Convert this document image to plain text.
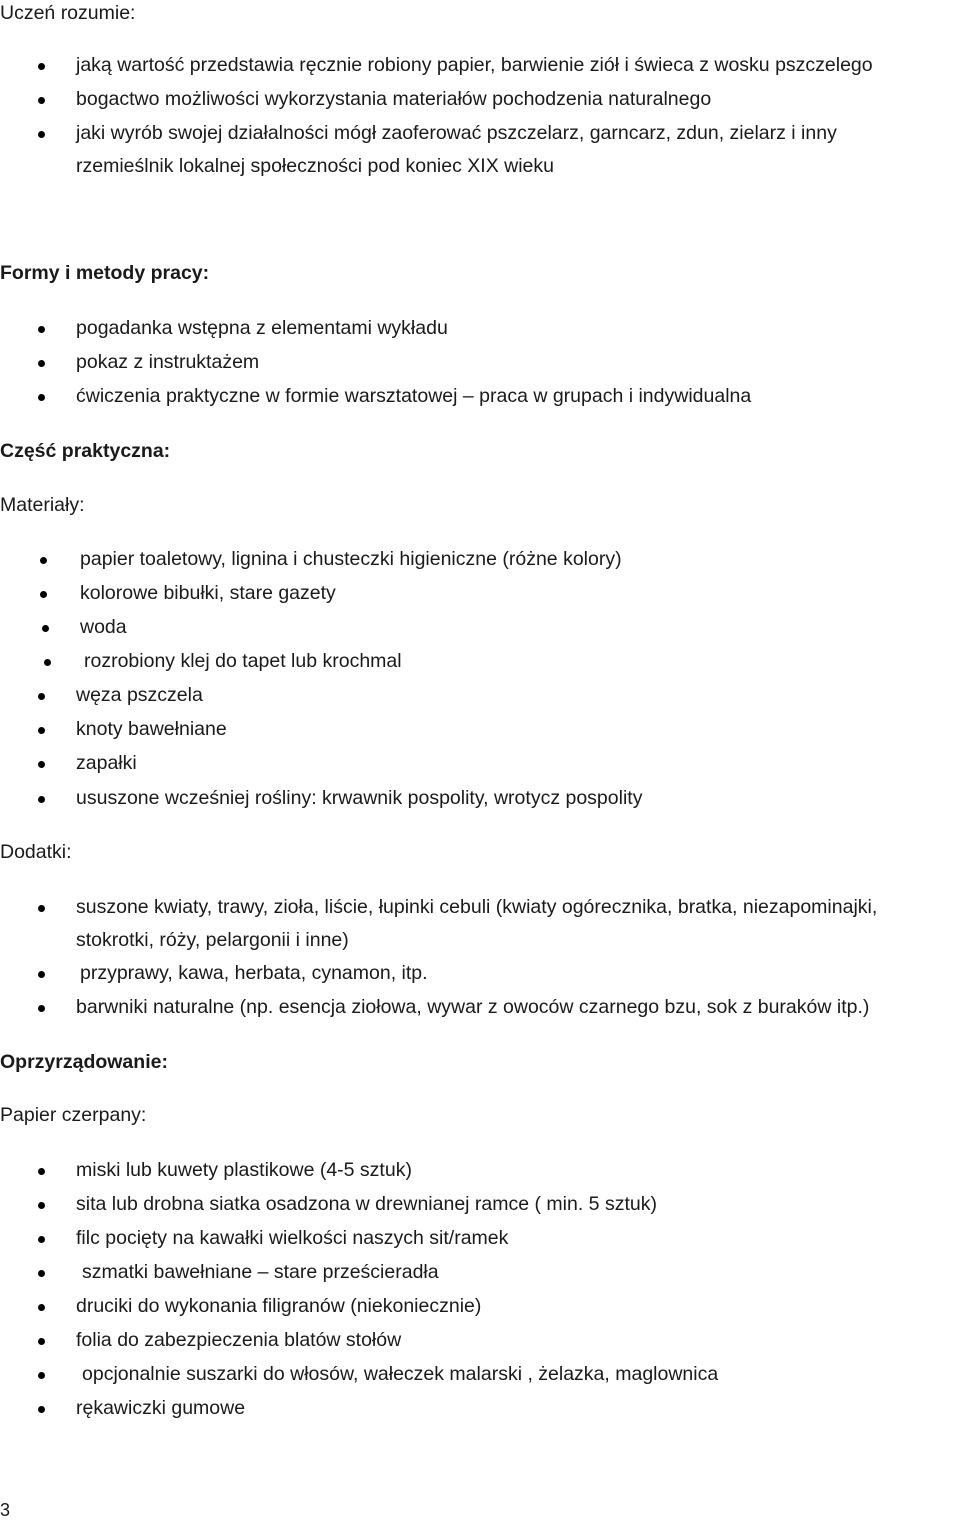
Uczeń rozumie:
jaką wartość przedstawia ręcznie robiony papier, barwienie ziół i świeca z wosku pszczelego
bogactwo możliwości wykorzystania materiałów pochodzenia naturalnego
jaki wyrób swojej działalności mógł zaoferować pszczelarz, garncarz, zdun, zielarz i inny
rzemieślnik lokalnej społeczności pod koniec XIX wieku
Formy i metody pracy:
pogadanka wstępna z elementami wykładu
pokaz z instruktażem
ćwiczenia praktyczne w formie warsztatowej – praca w grupach i indywidualna
Część praktyczna:
Materiały:
papier toaletowy, lignina i chusteczki higieniczne (różne kolory)
kolorowe bibułki, stare gazety
woda
rozrobiony klej do tapet lub krochmal
węza pszczela
knoty bawełniane
zapałki
ususzone wcześniej rośliny: krwawnik pospolity, wrotycz pospolity
Dodatki:
suszone kwiaty, trawy, zioła, liście, łupinki cebuli (kwiaty ogórecznika, bratka, niezapominajki,
stokrotki, róży, pelargonii i inne)
przyprawy, kawa, herbata, cynamon, itp.
barwniki naturalne (np. esencja ziołowa, wywar z owoców czarnego bzu, sok z buraków itp.)
Oprzyrządowanie:
Papier czerpany:
miski lub kuwety plastikowe (4-5 sztuk)
sita lub drobna siatka osadzona w drewnianej ramce ( min. 5 sztuk)
filc pocięty na kawałki wielkości naszych sit/ramek
szmatki bawełniane – stare prześcieradła
druciki do wykonania filigranów (niekoniecznie)
folia do zabezpieczenia blatów stołów
opcjonalnie suszarki do włosów, wałeczek malarski , żelazka, maglownica
rękawiczki gumowe
3
